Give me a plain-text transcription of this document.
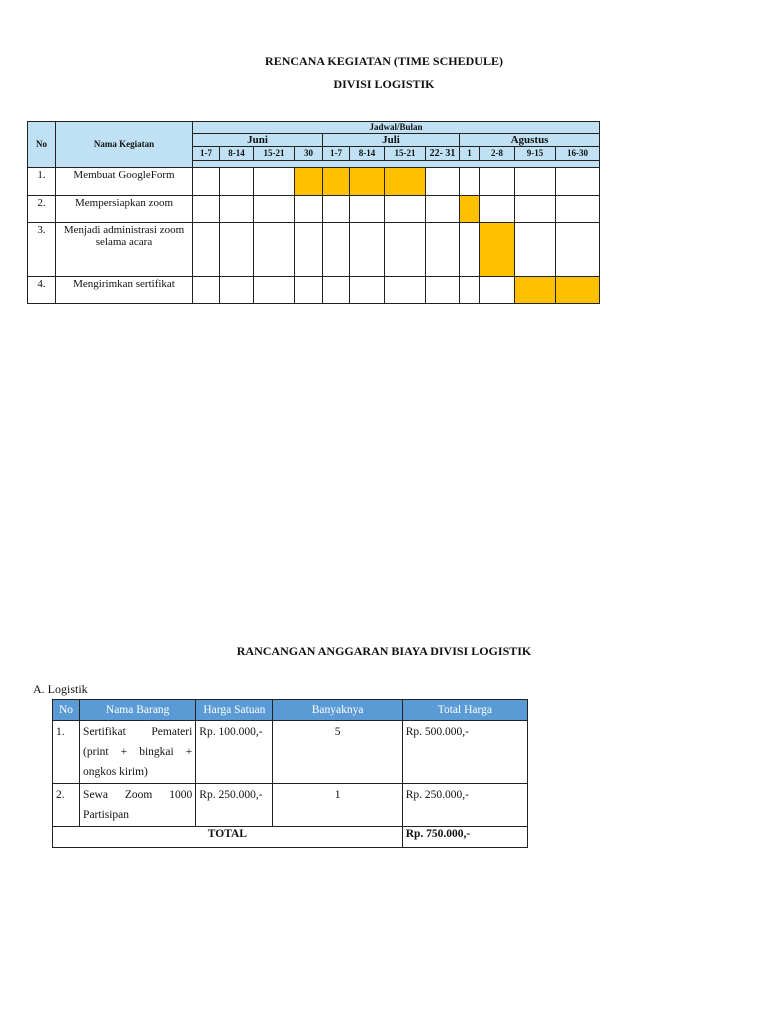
RENCANA KEGIATAN (TIME SCHEDULE)
DIVISI LOGISTIK
No	Nama Kegiatan	Jadwal/Bulan											
		Juni				Juli				Agustus			
		1-7	8-14	15-21	30	1-7	8-14	15-21	22- 31	1	2-8	9-15	16-30

1.	Membuat GoogleForm												
2.	Mempersiapkan zoom												
3.	Menjadi administrasi zoom selama acara												
4.	Mengirimkan sertifikat												
RANCANGAN ANGGARAN BIAYA DIVISI LOGISTIK
A. Logistik
No	Nama Barang	Harga Satuan	Banyaknya	Total Harga
1.	Sertifikat Pemateri
(print + bingkai +
ongkos kirim)	Rp. 100.000,-	5	Rp. 500.000,-
2.	Sewa Zoom 1000
Partisipan	Rp. 250.000,-	1	Rp. 250.000,-
TOTAL				Rp. 750.000,-
